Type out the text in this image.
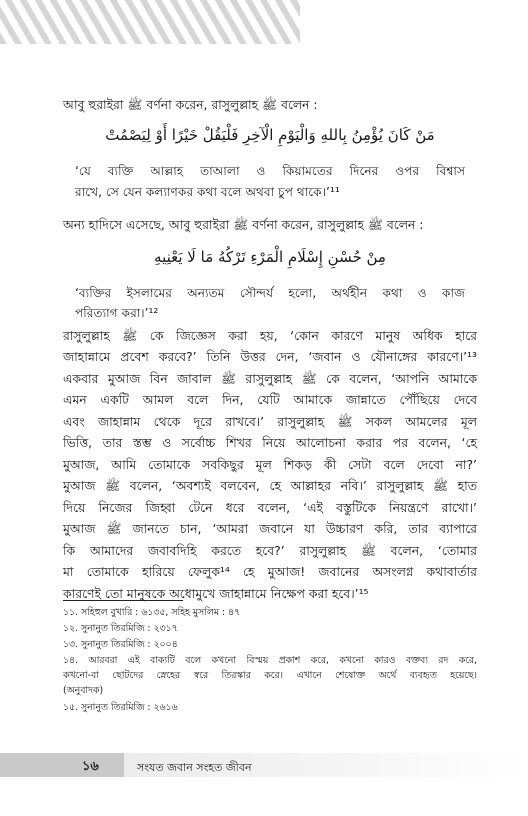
আবু হুরাইরা ﷺ বর্ণনা করেন, রাসুলুল্লাহ ﷺ বলেন :
مَنْ كَانَ يُؤْمِنُ بِاللهِ وَالْيَوْمِ الْآخِرِ فَلْيَقُلْ خَيْرًا أَوْ لِيَصْمُتْ
‘যে ব্যক্তি আল্লাহ তাআলা ও কিয়ামতের দিনের ওপর বিশ্বাস
রাখে, সে যেন কল্যাণকর কথা বলে অথবা চুপ থাকে।’¹¹
অন্য হাদিসে এসেছে, আবু হুরাইরা ﷺ বর্ণনা করেন, রাসুলুল্লাহ ﷺ বলেন :
مِنْ حُسْنِ إِسْلَامِ الْمَرْءِ تَرْكُهُ مَا لَا يَعْنِيهِ
‘ব্যক্তির ইসলামের অন্যতম সৌন্দর্য হলো, অর্থহীন কথা ও কাজ
পরিত্যাগ করা।’¹²
রাসুলুল্লাহ ﷺ কে জিজ্ঞেস করা হয়, ‘কোন কারণে মানুষ অধিক হারে
জাহান্নামে প্রবেশ করবে?’ তিনি উত্তর দেন, ‘জবান ও যৌনাঙ্গের কারণে।’¹³
একবার মুআজ বিন জাবাল ﷺ রাসুলুল্লাহ ﷺ কে বলেন, ‘আপনি আমাকে
এমন একটি আমল বলে দিন, যেটি আমাকে জান্নাতে পৌঁছিয়ে দেবে
এবং জাহান্নাম থেকে দূরে রাখবে।’ রাসুলুল্লাহ ﷺ সকল আমলের মূল
ভিত্তি, তার স্তম্ভ ও সর্বোচ্চ শিখর নিয়ে আলোচনা করার পর বলেন, ‘হে
মুআজ, আমি তোমাকে সবকিছুর মূল শিকড় কী সেটা বলে দেবো না?’
মুআজ ﷺ বলেন, ‘অবশ্যই বলবেন, হে আল্লাহর নবি।’ রাসুলুল্লাহ ﷺ হাত
দিয়ে নিজের জিহ্বা টেনে ধরে বলেন, ‘এই বস্তুটিকে নিয়ন্ত্রণে রাখো।’
মুআজ ﷺ জানতে চান, ‘আমরা জবানে যা উচ্চারণ করি, তার ব্যাপারে
কি আমাদের জবাবদিহি করতে হবে?’ রাসুলুল্লাহ ﷺ বলেন, ‘তোমার
মা তোমাকে হারিয়ে ফেলুক¹⁴ হে মুআজ! জবানের অসংলগ্ন কথাবার্তার
কারণেই তো মানুষকে অধোমুখে জাহান্নামে নিক্ষেপ করা হবে।’¹⁵
১১. সহিহুল বুখারি : ৬১৩৫, সহিহ মুসলিম : ৪৭
১২. সুনানুত তিরমিজি : ২৩১৭
১৩. সুনানুত তিরমিজি : ২০০৪
১৪. আরবরা এই বাক্যটি বলে কখনো বিস্ময় প্রকাশ করে, কখনো কারও বক্তব্য রদ করে,
কখনো-বা ছোটদের স্নেহের স্বরে তিরস্কার করে। এখানে শেষোক্ত অর্থে ব্যবহৃত হয়েছে।
(অনুবাদক)
১৫. সুনানুত তিরমিজি : ২৬১৬
১৬	সংযত জবান সংহত জীবন
